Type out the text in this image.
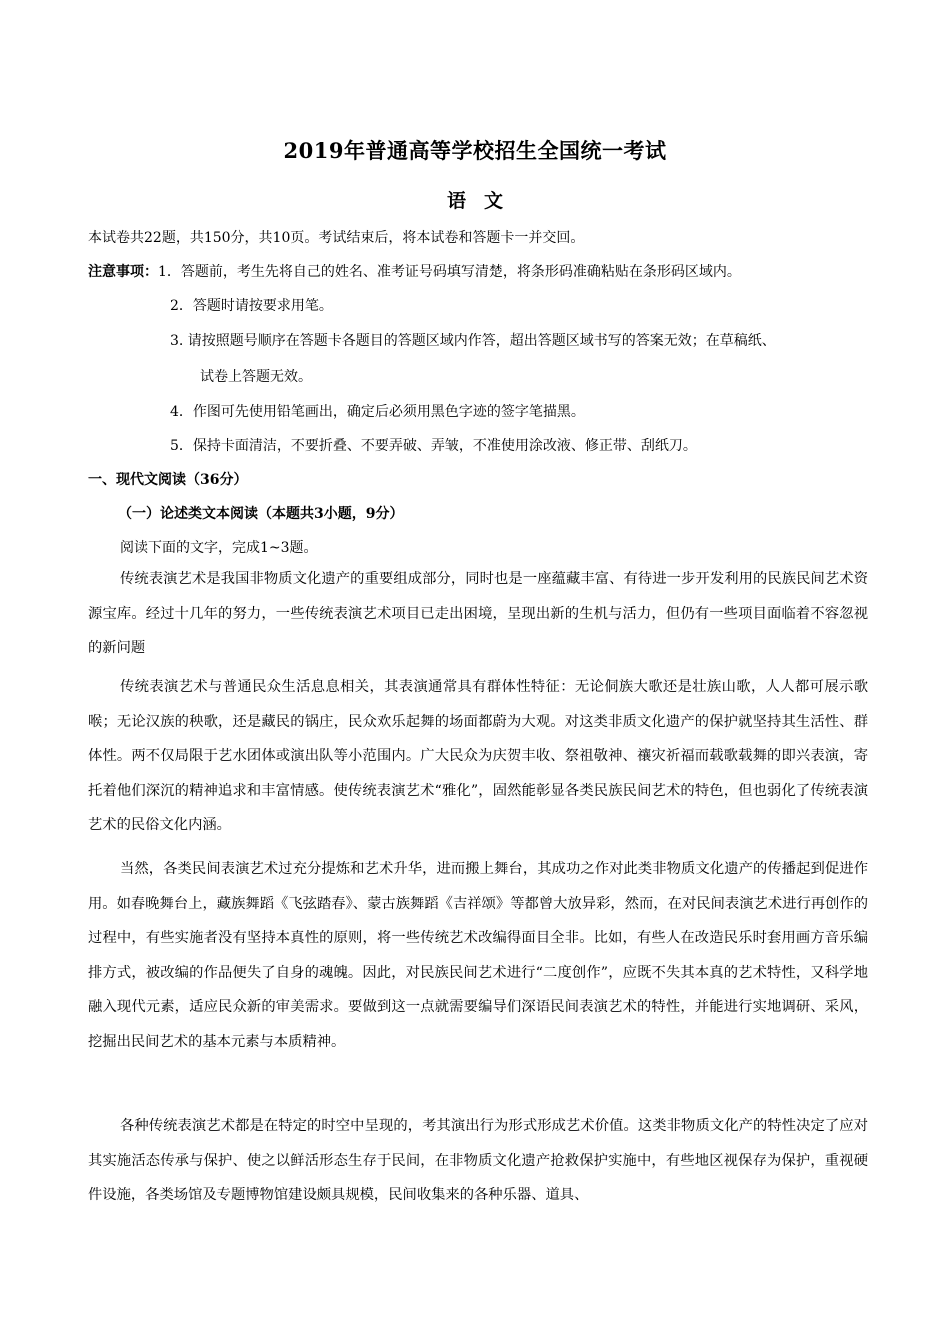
2019年普通高等学校招生全国统一考试
语文
本试卷共22题，共150分，共10页。考试结束后，将本试卷和答题卡一并交回。
注意事项：1．答题前，考生先将自己的姓名、准考证号码填写清楚，将条形码准确粘贴在条形码区域内。
2．答题时请按要求用笔。
3. 请按照题号顺序在答题卡各题目的答题区域内作答，超出答题区域书写的答案无效；在草稿纸、
试卷上答题无效。
4．作图可先使用铅笔画出，确定后必须用黑色字迹的签字笔描黑。
5．保持卡面清洁，不要折叠、不要弄破、弄皱，不准使用涂改液、修正带、刮纸刀。
一、现代文阅读（36分）
（一）论述类文本阅读（本题共3小题，9分）
阅读下面的文字，完成1~3题。
传统表演艺术是我国非物质文化遗产的重要组成部分，同时也是一座蕴藏丰富、有待进一步开发利用的民族民间艺术资源宝库。经过十几年的努力，一些传统表演艺术项目已走出困境，呈现出新的生机与活力，但仍有一些项目面临着不容忽视的新问题
传统表演艺术与普通民众生活息息相关，其表演通常具有群体性特征：无论侗族大歌还是壮族山歌，人人都可展示歌喉；无论汉族的秧歌，还是藏民的锅庄，民众欢乐起舞的场面都蔚为大观。对这类非质文化遗产的保护就坚持其生活性、群体性。两不仅局限于艺水团体或演出队等小范围内。广大民众为庆贺丰收、祭祖敬神、禳灾祈福而载歌载舞的即兴表演，寄托着他们深沉的精神追求和丰富情感。使传统表演艺术“雅化”，固然能彰显各类民族民间艺术的特色，但也弱化了传统表演艺术的民俗文化内涵。
当然，各类民间表演艺术过充分提炼和艺术升华，进而搬上舞台，其成功之作对此类非物质文化遗产的传播起到促进作用。如春晚舞台上，藏族舞蹈《飞弦踏春》、蒙古族舞蹈《吉祥颂》等都曾大放异彩，然而，在对民间表演艺术进行再创作的过程中，有些实施者没有坚持本真性的原则，将一些传统艺术改编得面目全非。比如，有些人在改造民乐时套用画方音乐编排方式，被改编的作品便失了自身的魂魄。因此，对民族民间艺术进行“二度创作”，应既不失其本真的艺术特性，又科学地融入现代元素，适应民众新的审美需求。要做到这一点就需要编导们深语民间表演艺术的特性，并能进行实地调研、采风，挖掘出民间艺术的基本元素与本质精神。
各种传统表演艺术都是在特定的时空中呈现的，考其演出行为形式形成艺术价值。这类非物质文化产的特性决定了应对其实施活态传承与保护、使之以鲜活形态生存于民间，在非物质文化遗产抢救保护实施中，有些地区视保存为保护，重视硬件设施，各类场馆及专题博物馆建设颇具规模，民间收集来的各种乐器、道具、
